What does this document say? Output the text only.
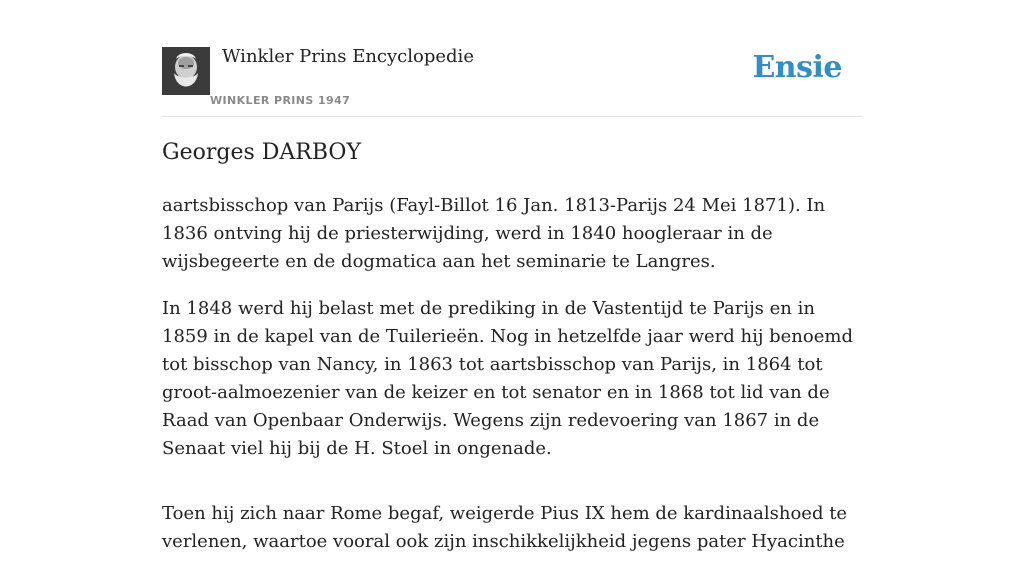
Winkler Prins Encyclopedie
WINKLER PRINS 1947
Ensie
Georges DARBOY

aartsbisschop van Parijs (Fayl-Billot 16 Jan. 1813-Parijs 24 Mei 1871). In 1836 ontving hij de priesterwijding, werd in 1840 hoogleraar in de wijsbegeerte en de dogmatica aan het seminarie te Langres.

In 1848 werd hij belast met de prediking in de Vastentijd te Parijs en in 1859 in de kapel van de Tuilerieën. Nog in hetzelfde jaar werd hij benoemd tot bisschop van Nancy, in 1863 tot aartsbisschop van Parijs, in 1864 tot groot-aalmoezenier van de keizer en tot senator en in 1868 tot lid van de Raad van Openbaar Onderwijs. Wegens zijn redevoering van 1867 in de Senaat viel hij bij de H. Stoel in ongenade.

Toen hij zich naar Rome begaf, weigerde Pius IX hem de kardinaalshoed te verlenen, waartoe vooral ook zijn inschikkelijkheid jegens pater Hyacinthe
